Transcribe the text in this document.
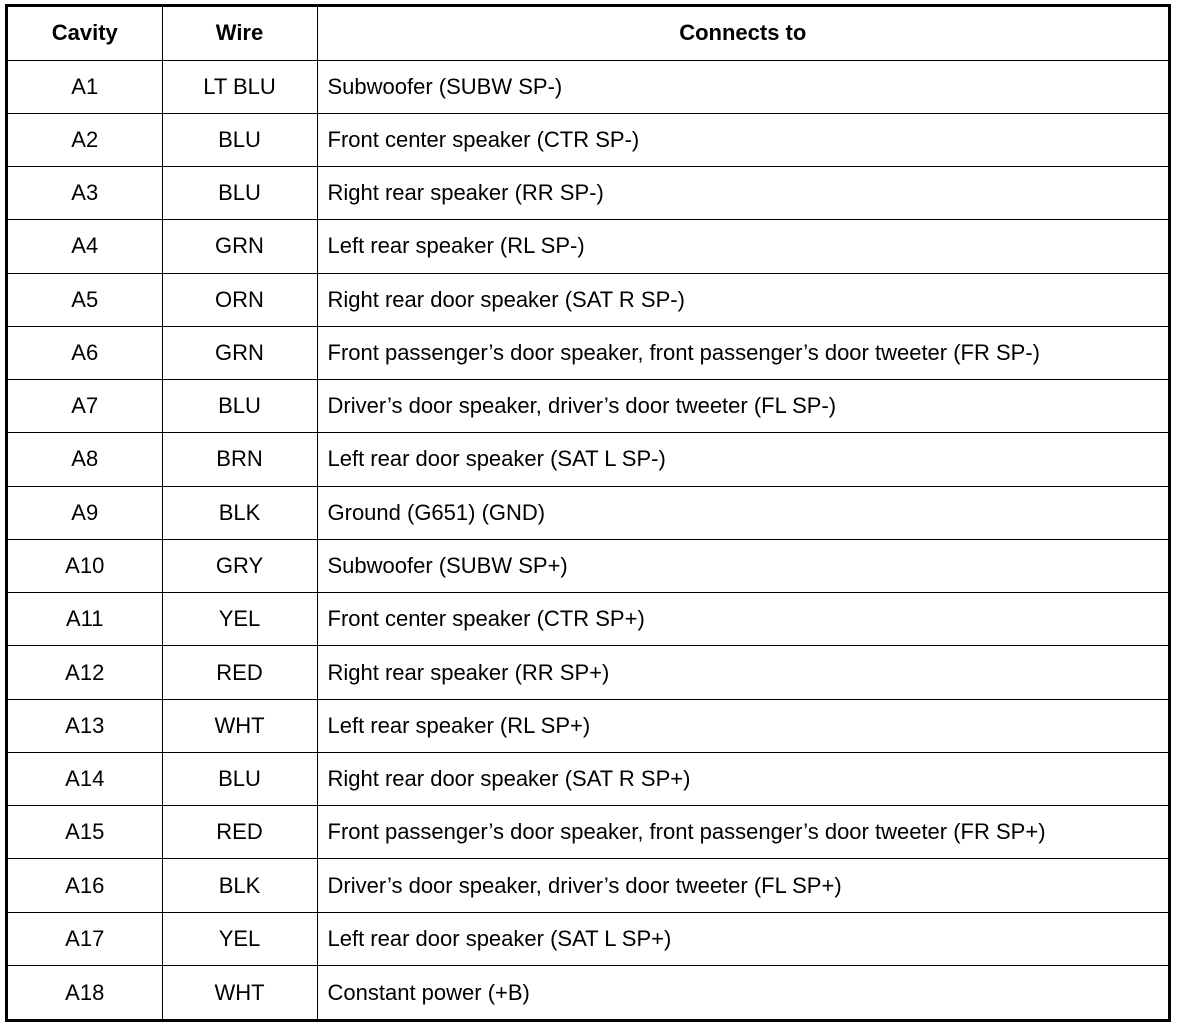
Cavity	Wire	Connects to
A1	LT BLU	Subwoofer (SUBW SP-)
A2	BLU	Front center speaker (CTR SP-)
A3	BLU	Right rear speaker (RR SP-)
A4	GRN	Left rear speaker (RL SP-)
A5	ORN	Right rear door speaker (SAT R SP-)
A6	GRN	Front passenger’s door speaker, front passenger’s door tweeter (FR SP-)
A7	BLU	Driver’s door speaker, driver’s door tweeter (FL SP-)
A8	BRN	Left rear door speaker (SAT L SP-)
A9	BLK	Ground (G651) (GND)
A10	GRY	Subwoofer (SUBW SP+)
A11	YEL	Front center speaker (CTR SP+)
A12	RED	Right rear speaker (RR SP+)
A13	WHT	Left rear speaker (RL SP+)
A14	BLU	Right rear door speaker (SAT R SP+)
A15	RED	Front passenger’s door speaker, front passenger’s door tweeter (FR SP+)
A16	BLK	Driver’s door speaker, driver’s door tweeter (FL SP+)
A17	YEL	Left rear door speaker (SAT L SP+)
A18	WHT	Constant power (+B)
